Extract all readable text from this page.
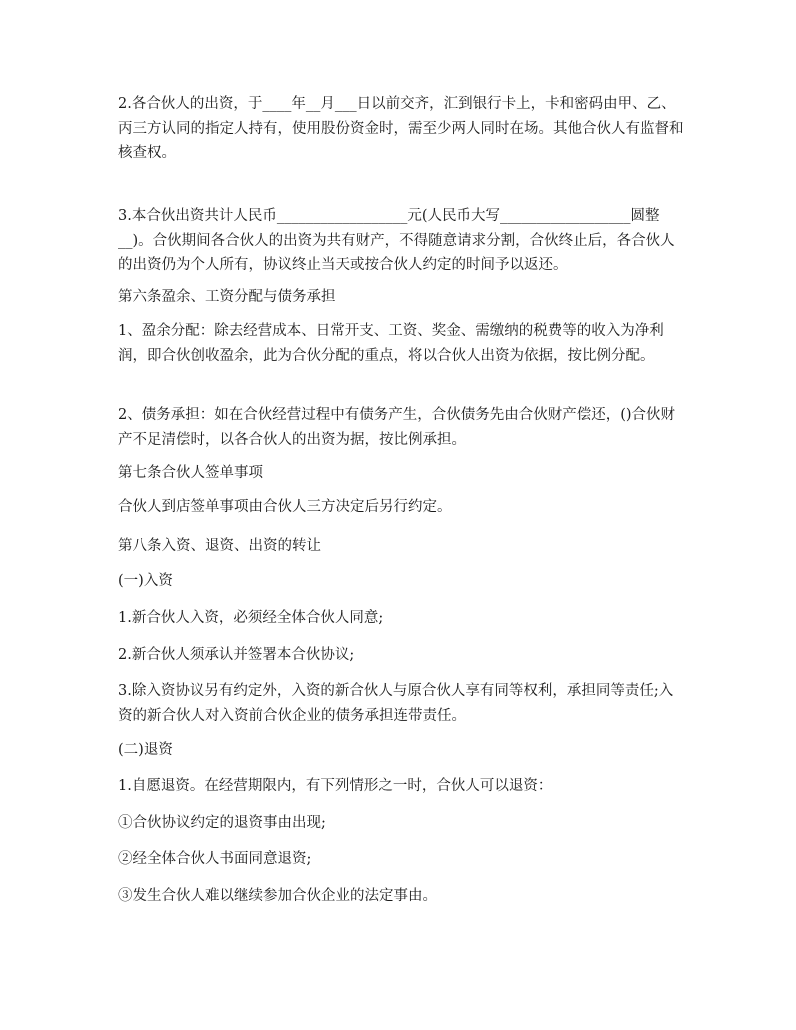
2.各合伙人的出资，于____年__月___日以前交齐，汇到银行卡上，卡和密码由甲、乙、丙三方认同的指定人持有，使用股份资金时，需至少两人同时在场。其他合伙人有监督和核查权。

3.本合伙出资共计人民币__________________元(人民币大写__________________圆整__)。合伙期间各合伙人的出资为共有财产，不得随意请求分割，合伙终止后，各合伙人的出资仍为个人所有，协议终止当天或按合伙人约定的时间予以返还。

第六条盈余、工资分配与债务承担

1、盈余分配：除去经营成本、日常开支、工资、奖金、需缴纳的税费等的收入为净利润，即合伙创收盈余，此为合伙分配的重点，将以合伙人出资为依据，按比例分配。

2、债务承担：如在合伙经营过程中有债务产生，合伙债务先由合伙财产偿还，()合伙财产不足清偿时，以各合伙人的出资为据，按比例承担。

第七条合伙人签单事项

合伙人到店签单事项由合伙人三方决定后另行约定。

第八条入资、退资、出资的转让

(一)入资

1.新合伙人入资，必须经全体合伙人同意;

2.新合伙人须承认并签署本合伙协议;

3.除入资协议另有约定外，入资的新合伙人与原合伙人享有同等权利，承担同等责任;入资的新合伙人对入资前合伙企业的债务承担连带责任。

(二)退资

1.自愿退资。在经营期限内，有下列情形之一时，合伙人可以退资：

①合伙协议约定的退资事由出现;

②经全体合伙人书面同意退资;

③发生合伙人难以继续参加合伙企业的法定事由。
